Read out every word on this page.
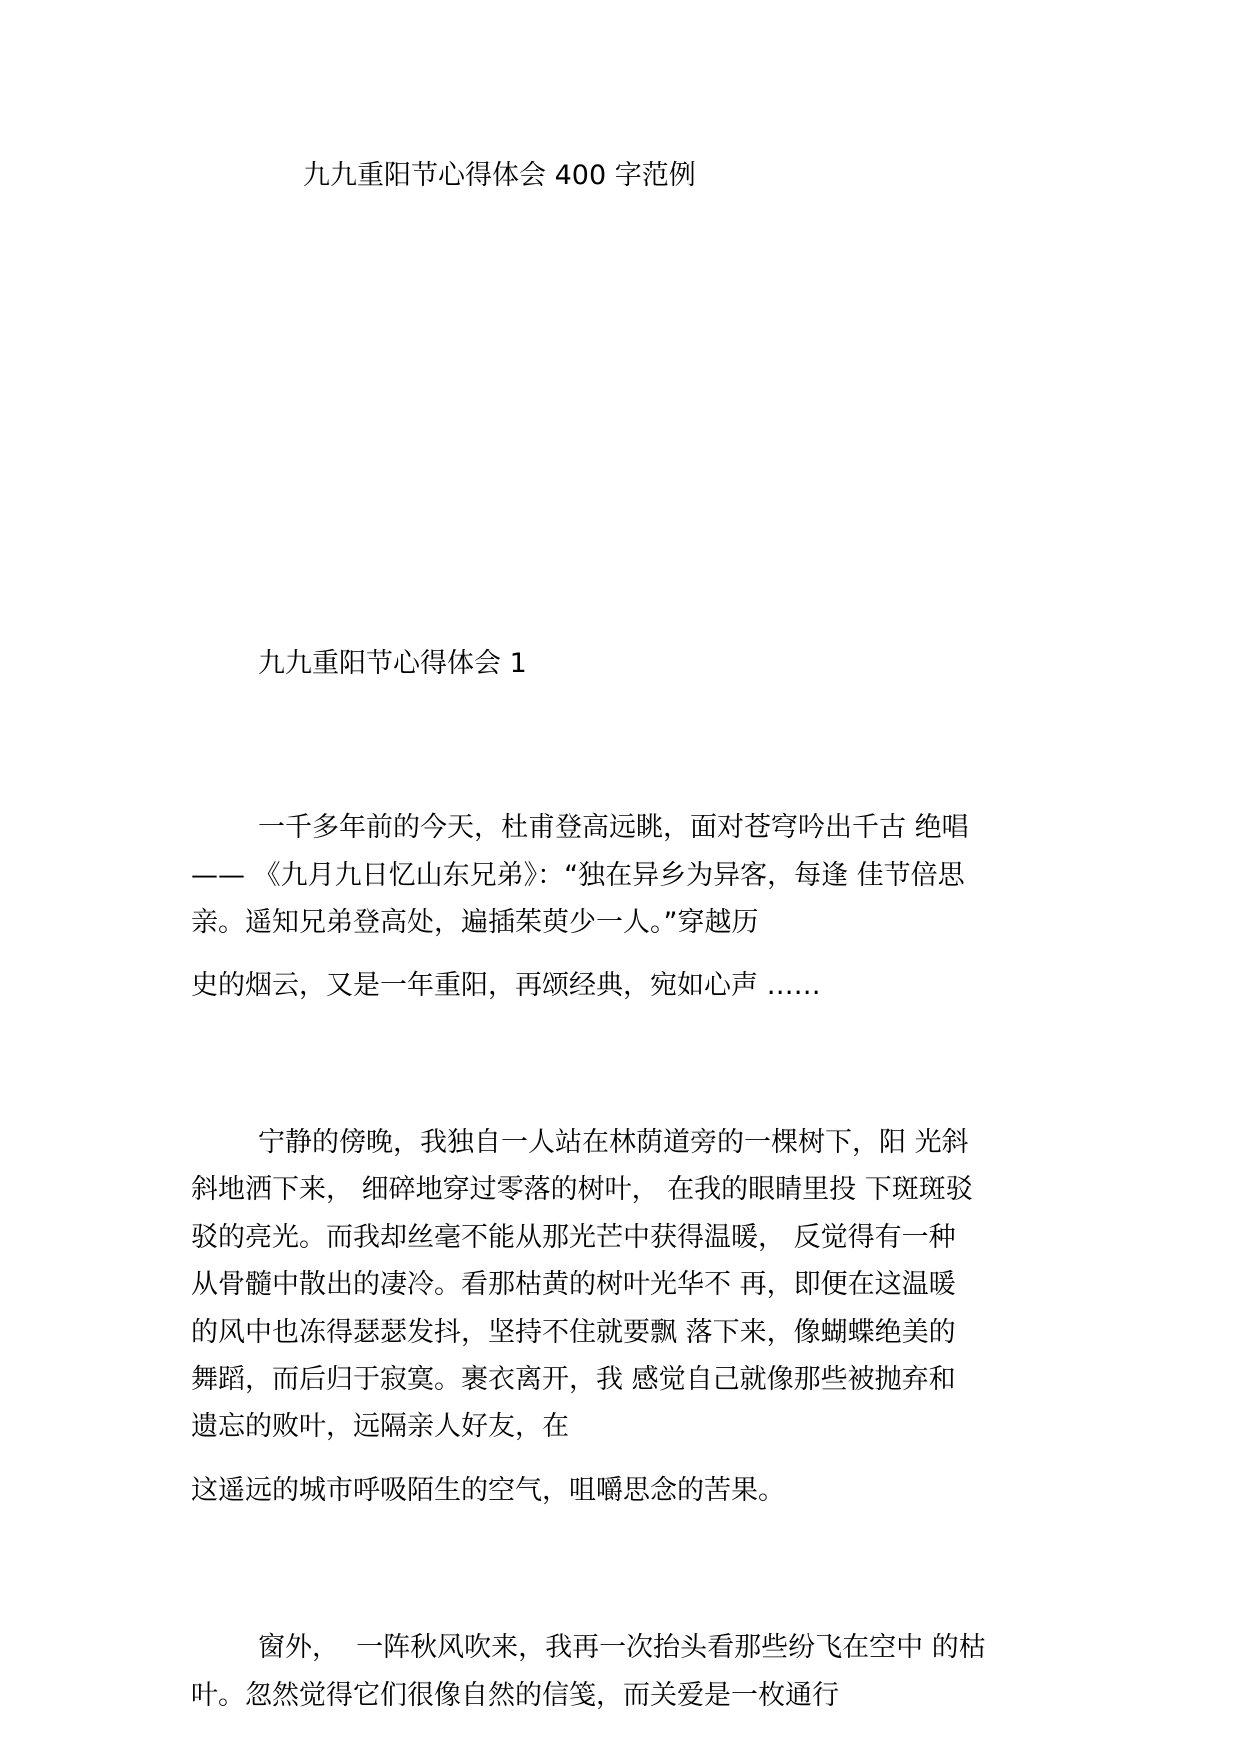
九九重阳节心得体会 400 字范例
九九重阳节心得体会 1
一千多年前的今天，杜甫登高远眺，面对苍穹吟出千古 绝唱
—— 《九月九日忆山东兄弟》：“独在异乡为异客，每逢 佳节倍思
亲。遥知兄弟登高处，遍插茱萸少一人。”穿越历
史的烟云，又是一年重阳，再颂经典，宛如心声 ……
宁静的傍晚，我独自一人站在林荫道旁的一棵树下，阳 光斜
斜地洒下来， 细碎地穿过零落的树叶， 在我的眼睛里投 下斑斑驳
驳的亮光。而我却丝毫不能从那光芒中获得温暖， 反觉得有一种
从骨髓中散出的凄冷。看那枯黄的树叶光华不 再，即便在这温暖
的风中也冻得瑟瑟发抖，坚持不住就要飘 落下来，像蝴蝶绝美的
舞蹈，而后归于寂寞。裹衣离开，我 感觉自己就像那些被抛弃和
遗忘的败叶，远隔亲人好友，在
这遥远的城市呼吸陌生的空气，咀嚼思念的苦果。
窗外，  一阵秋风吹来，我再一次抬头看那些纷飞在空中 的枯
叶。忽然觉得它们很像自然的信笺，而关爱是一枚通行
